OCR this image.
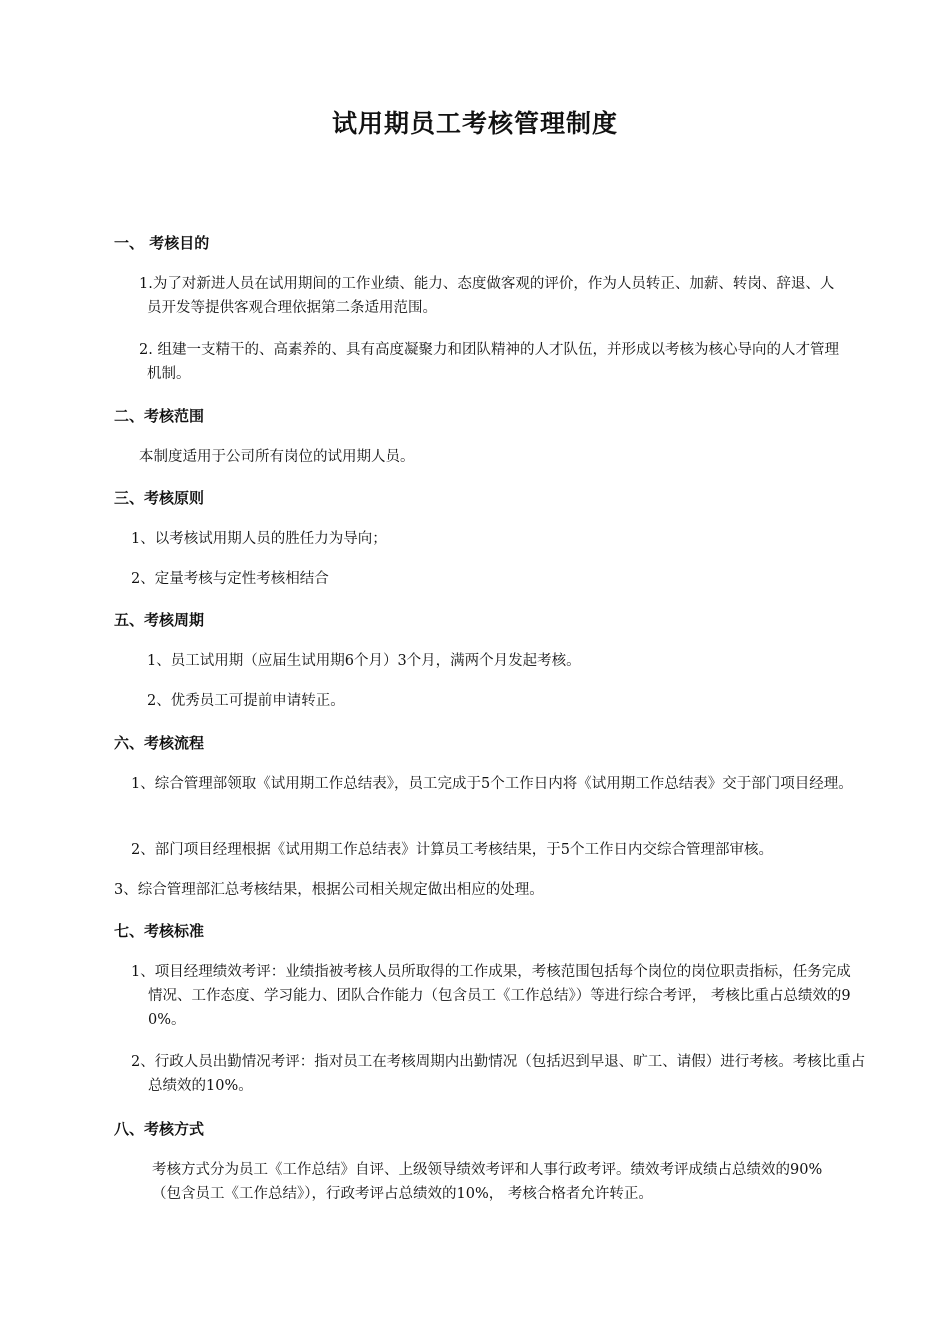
试用期员工考核管理制度
一、 考核目的
1.为了对新进人员在试用期间的工作业绩、能力、态度做客观的评价，作为人员转正、加薪、转岗、辞退、人员开发等提供客观合理依据第二条适用范围。
2. 组建一支精干的、高素养的、具有高度凝聚力和团队精神的人才队伍，并形成以考核为核心导向的人才管理机制。
二、考核范围
本制度适用于公司所有岗位的试用期人员。
三、考核原则
1、以考核试用期人员的胜任力为导向；
2、定量考核与定性考核相结合
五、考核周期
1、员工试用期（应届生试用期6个月）3个月，满两个月发起考核。
2、优秀员工可提前申请转正。
六、考核流程
1、综合管理部领取《试用期工作总结表》，员工完成于5个工作日内将《试用期工作总结表》交于部门项目经理。
2、部门项目经理根据《试用期工作总结表》计算员工考核结果，于5个工作日内交综合管理部审核。
3、综合管理部汇总考核结果，根据公司相关规定做出相应的处理。
七、考核标准
1、项目经理绩效考评：业绩指被考核人员所取得的工作成果，考核范围包括每个岗位的岗位职责指标，任务完成情况、工作态度、学习能力、团队合作能力（包含员工《工作总结》）等进行综合考评， 考核比重占总绩效的90%。
2、行政人员出勤情况考评：指对员工在考核周期内出勤情况（包括迟到早退、旷工、请假）进行考核。考核比重占总绩效的10%。
八、考核方式
考核方式分为员工《工作总结》自评、上级领导绩效考评和人事行政考评。绩效考评成绩占总绩效的90%（包含员工《工作总结》），行政考评占总绩效的10%， 考核合格者允许转正。
